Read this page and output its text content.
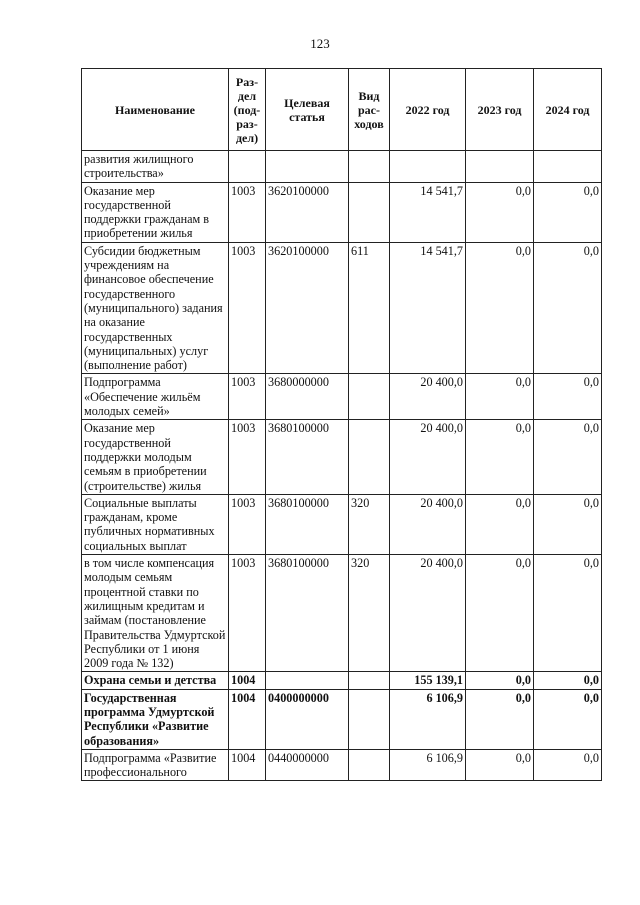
123
Наименование	Раз-дел (под-раз-дел)	Целевая статья	Вид рас-ходов	2022 год	2023 год	2024 год
развития жилищного строительства»						
Оказание мер государственной поддержки гражданам в приобретении жилья	1003	3620100000		14 541,7	0,0	0,0
Субсидии бюджетным учреждениям на финансовое обеспечение государственного (муниципального) задания на оказание государственных (муниципальных) услуг (выполнение работ)	1003	3620100000	611	14 541,7	0,0	0,0
Подпрограмма «Обеспечение жильём молодых семей»	1003	3680000000		20 400,0	0,0	0,0
Оказание мер государственной поддержки молодым семьям в приобретении (строительстве) жилья	1003	3680100000		20 400,0	0,0	0,0
Социальные выплаты гражданам, кроме публичных нормативных социальных выплат	1003	3680100000	320	20 400,0	0,0	0,0
в том числе компенсация молодым семьям процентной ставки по жилищным кредитам и займам (постановление Правительства Удмуртской Республики от 1 июня 2009 года № 132)	1003	3680100000	320	20 400,0	0,0	0,0
Охрана семьи и детства	1004			155 139,1	0,0	0,0
Государственная программа Удмуртской Республики «Развитие образования»	1004	0400000000		6 106,9	0,0	0,0
Подпрограмма «Развитие профессионального	1004	0440000000		6 106,9	0,0	0,0
